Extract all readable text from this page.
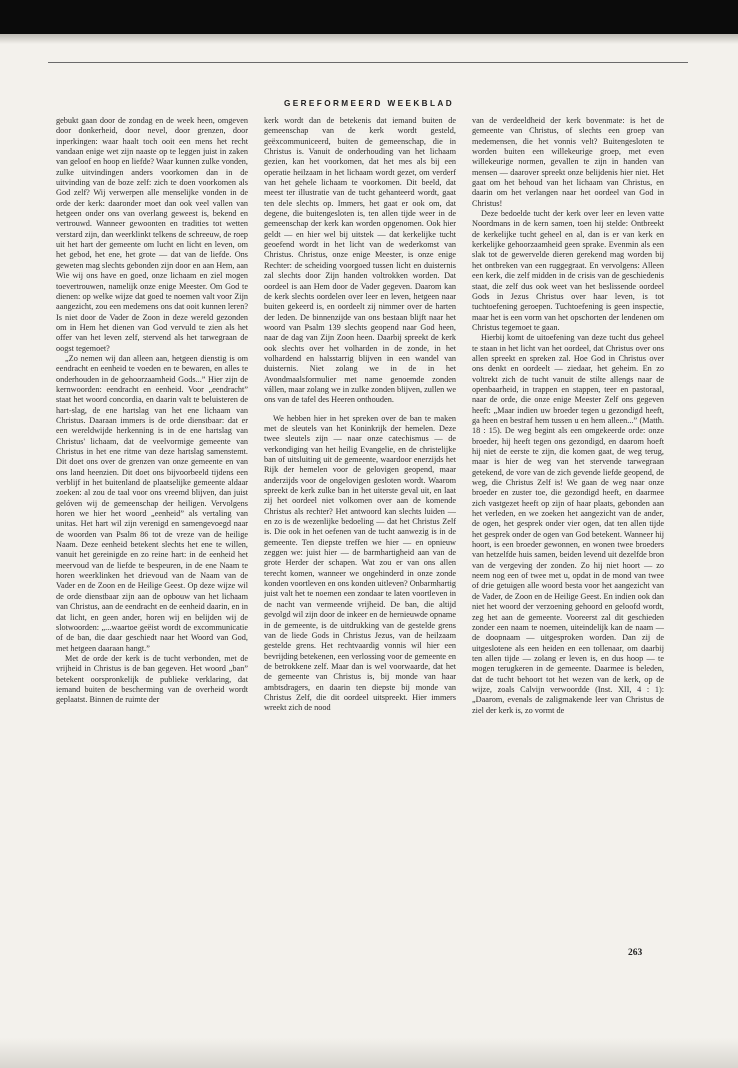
GEREFORMEERD WEEKBLAD

gebukt gaan door de zondag en de week heen, omgeven door donkerheid, door nevel, door grenzen, door inperkingen: waar haalt toch ooit een mens het recht vandaan enige wet zijn naaste op te leggen juist in zaken van geloof en hoop en liefde? Waar kunnen zulke vonden, zulke uitvindingen anders voorkomen dan in de uitvinding van de boze zelf: zich te doen voorkomen als God zelf? Wij verwerpen alle menselijke vonden in de orde der kerk: daaronder moet dan ook veel vallen van hetgeen onder ons van overlang geweest is, bekend en vertrouwd. Wanneer gewoonten en tradities tot wetten verstard zijn, dan weerklinkt telkens de schreeuw, de roep uit het hart der gemeente om lucht en licht en leven, om het gebod, het ene, het grote — dat van de liefde. Ons geweten mag slechts gebonden zijn door en aan Hem, aan Wie wij ons have en goed, onze lichaam en ziel mogen toevertrouwen, namelijk onze enige Meester. Om God te dienen: op welke wijze dat goed te noemen valt voor Zijn aangezicht, zou een medemens ons dat ooit kunnen leren? Is niet door de Vader de Zoon in deze wereld gezonden om in Hem het dienen van God vervuld te zien als het offer van het leven zelf, stervend als het tarwegraan de oogst tegemoet?

„Zo nemen wij dan alleen aan, hetgeen dienstig is om eendracht en eenheid te voeden en te bewaren, en alles te onderhouden in de gehoorzaamheid Gods...” Hier zijn de kernwoorden: eendracht en eenheid. Voor „eendracht” staat het woord concordia, en daarin valt te beluisteren de hart-slag, de ene hartslag van het ene lichaam van Christus. Daaraan immers is de orde dienstbaar: dat er een wereldwijde herkenning is in de ene hartslag van Christus' lichaam, dat de veelvormige gemeente van Christus in het ene ritme van deze hartslag samenstemt. Dit doet ons over de grenzen van onze gemeente en van ons land heenzien. Dit doet ons bijvoorbeeld tijdens een verblijf in het buitenland de plaatselijke gemeente aldaar zoeken: al zou de taal voor ons vreemd blijven, dan juist gelóven wij de gemeenschap der heiligen. Vervolgens horen we hier het woord „eenheid” als vertaling van unitas. Het hart wil zijn verenigd en samengevoegd naar de woorden van Psalm 86 tot de vreze van de heilige Naam. Deze eenheid betekent slechts het ene te willen, vanuit het gereinigde en zo reine hart: in de eenheid het meervoud van de liefde te bespeuren, in de ene Naam te horen weerklinken het drievoud van de Naam van de Vader en de Zoon en de Heilige Geest. Op deze wijze wil de orde dienstbaar zijn aan de opbouw van het lichaam van Christus, aan de eendracht en de eenheid daarin, en in dat licht, en geen ander, horen wij en belijden wij de slotwoorden: „...waartoe geëist wordt de excommunicatie of de ban, die daar geschiedt naar het Woord van God, met hetgeen daaraan hangt.”

Met de orde der kerk is de tucht verbonden, met de vrijheid in Christus is de ban gegeven. Het woord „ban” betekent oorspronkelijk de publieke verklaring, dat iemand buiten de bescherming van de overheid wordt geplaatst. Binnen de ruimte der

kerk wordt dan de betekenis dat iemand buiten de gemeenschap van de kerk wordt gesteld, geëxcommuniceerd, buiten de gemeenschap, die in Christus is. Vanuit de onderhouding van het lichaam gezien, kan het voorkomen, dat het mes als bij een operatie heilzaam in het lichaam wordt gezet, om verderf van het gehele lichaam te voorkomen. Dit beeld, dat meest ter illustratie van de tucht gehanteerd wordt, gaat ten dele slechts op. Immers, het gaat er ook om, dat degene, die buitengesloten is, ten allen tijde weer in de gemeenschap der kerk kan worden opgenomen. Ook hier geldt — en hier wel bij uitstek — dat kerkelijke tucht geoefend wordt in het licht van de wederkomst van Christus. Christus, onze enige Meester, is onze enige Rechter: de scheiding voorgoed tussen licht en duisternis zal slechts door Zijn handen voltrokken worden. Dat oordeel is aan Hem door de Vader gegeven. Daarom kan de kerk slechts oordelen over leer en leven, hetgeen naar buiten gekeerd is, en oordeelt zij nimmer over de harten der leden. De binnenzijde van ons bestaan blijft naar het woord van Psalm 139 slechts geopend naar God heen, naar de dag van Zijn Zoon heen. Daarbij spreekt de kerk ook slechts over het volharden in de zonde, in het volhardend en halsstarrig blijven in een wandel van duisternis. Niet zolang we in de in het Avondmaalsformulier met name genoemde zonden vállen, maar zolang we in zulke zonden blijven, zullen we ons van de tafel des Heeren onthouden.

We hebben hier in het spreken over de ban te maken met de sleutels van het Koninkrijk der hemelen. Deze twee sleutels zijn — naar onze catechismus — de verkondiging van het heilig Evangelie, en de christelijke ban of uitsluiting uit de gemeente, waardoor enerzijds het Rijk der hemelen voor de gelovigen geopend, maar anderzijds voor de ongelovigen gesloten wordt. Waarom spreekt de kerk zulke ban in het uiterste geval uit, en laat zij het oordeel niet volkomen over aan de komende Christus als rechter? Het antwoord kan slechts luiden — en zo is de wezenlijke bedoeling — dat het Christus Zelf is. Die ook in het oefenen van de tucht aanwezig is in de gemeente. Ten diepste treffen we hier — en opnieuw zeggen we: juist hier — de barmhartigheid aan van de grote Herder der schapen. Wat zou er van ons allen terecht komen, wanneer we ongehinderd in onze zonde konden voortleven en ons konden uitleven? Onbarmhartig juist valt het te noemen een zondaar te laten voortleven in de nacht van vermeende vrijheid. De ban, die altijd gevolgd wil zijn door de inkeer en de hernieuwde opname in de gemeente, is de uitdrukking van de gestelde grens van de liede Gods in Christus Jezus, van de heilzaam gestelde grens. Het rechtvaardig vonnis wil hier een bevrijding betekenen, een verlossing voor de gemeente en de betrokkene zelf. Maar dan is wel voorwaarde, dat het de gemeente van Christus is, bij monde van haar ambtsdragers, en daarin ten diepste bij monde van Christus Zelf, die dit oordeel uitspreekt. Hier immers wreekt zich de nood

van de verdeeldheid der kerk bovenmate: is het de gemeente van Christus, of slechts een groep van medemensen, die het vonnis velt? Buitengesloten te worden buiten een willekeurige groep, met even willekeurige normen, gevallen te zijn in handen van mensen — daarover spreekt onze belijdenis hier niet. Het gaat om het behoud van het lichaam van Christus, en daarin om het verlangen naar het oordeel van God in Christus!

Deze bedoelde tucht der kerk over leer en leven vatte Noordmans in de kern samen, toen hij stelde: Ontbreekt de kerkelijke tucht geheel en al, dan is er van kerk en kerkelijke gehoorzaamheid geen sprake. Evenmin als een slak tot de gewervelde dieren gerekend mag worden bij het ontbreken van een ruggegraat. En vervolgens: Alleen een kerk, die zelf midden in de crisis van de geschiedenis staat, die zelf dus ook weet van het beslissende oordeel Gods in Jezus Christus over haar leven, is tot tuchtoefening geroepen. Tuchtoefening is geen inspectie, maar het is een vorm van het opschorten der lendenen om Christus tegemoet te gaan.

Hierbij komt de uitoefening van deze tucht dus geheel te staan in het licht van het oordeel, dat Christus over ons allen spreekt en spreken zal. Hoe God in Christus over ons denkt en oordeelt — ziedaar, het geheim. En zo voltrekt zich de tucht vanuit de stilte allengs naar de openbaarheid, in trappen en stappen, teer en pastoraal, naar de orde, die onze enige Meester Zelf ons gegeven heeft: „Maar indien uw broeder tegen u gezondigd heeft, ga heen en bestraf hem tussen u en hem alleen...” (Matth. 18 : 15). De weg begint als een omgekeerde orde: onze broeder, hij heeft tegen ons gezondigd, en daarom hoeft hij niet de eerste te zijn, die komen gaat, de weg terug, maar is hier de weg van het stervende tarwegraan getekend, de vore van de zich gevende liefde geopend, de weg, die Christus Zelf is! We gaan de weg naar onze broeder en zuster toe, die gezondigd heeft, en daarmee zich vastgezet heeft op zijn of haar plaats, gebonden aan het verleden, en we zoeken het aangezicht van de ander, de ogen, het gesprek onder vier ogen, dat ten allen tijde het gesprek onder de ogen van God betekent. Wanneer hij hoort, is een broeder gewonnen, en wonen twee broeders van hetzelfde huis samen, beiden levend uit dezelfde bron van de vergeving der zonden. Zo hij niet hoort — zo neem nog een of twee met u, opdat in de mond van twee of drie getuigen alle woord besta voor het aangezicht van de Vader, de Zoon en de Heilige Geest. En indien ook dan niet het woord der verzoening gehoord en geloofd wordt, zeg het aan de gemeente. Vooreerst zal dit geschieden zonder een naam te noemen, uiteindelijk kan de naam — de doopnaam — uitgesproken worden. Dan zij de uitgeslotene als een heiden en een tollenaar, om daarbij ten allen tijde — zolang er leven is, en dus hoop — te mogen terugkeren in de gemeente. Daarmee is beleden, dat de tucht behoort tot het wezen van de kerk, op de wijze, zoals Calvijn verwoordde (Inst. XII, 4 : 1): „Daarom, evenals de zaligmakende leer van Christus de ziel der kerk is, zo vormt de

263
